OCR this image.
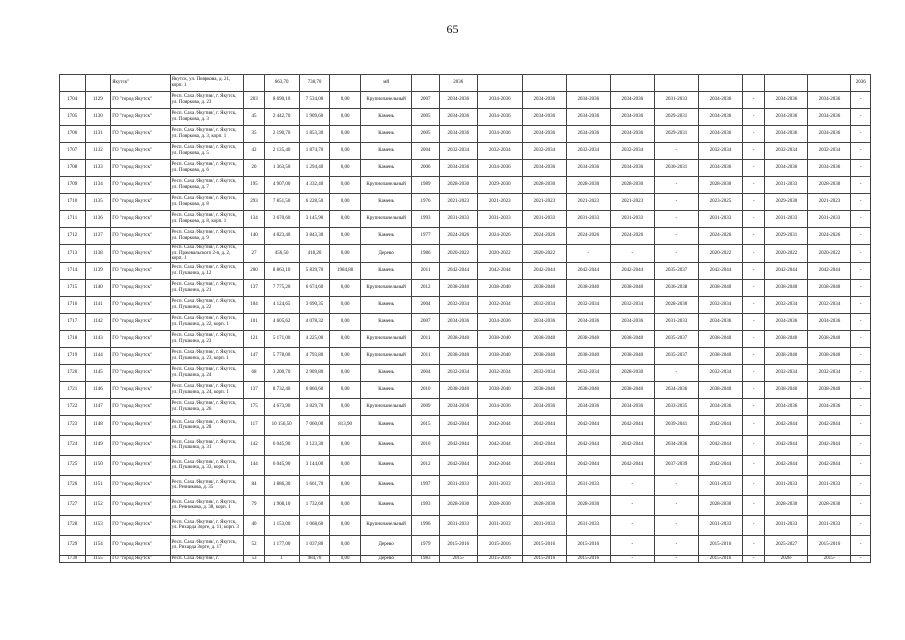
65
		Якутск"	Якутск, ул. Пояркова, д. 21, корп. 1		663,70	738,70		мй		2036										2036
1704	1129	ГО "город Якутск"	Респ. Саха /Якутия/, г. Якутск, ул. Пояркова, д. 23	203	8 690,10	7 534,00	0,00	Крупнопанельный	2007	2034-2036	2034-2036	2034-2036	2034-2036	2034-2036	2031-2033	2034-2036	-	2034-2036	2034-2036	-
1705	1130	ГО "город Якутск"	Респ. Саха /Якутия/, г. Якутск, ул. Пояркова, д. 3	45	2 442,70	1 909,60	0,00	Камень	2005	2034-2036	2034-2036	2034-2036	2034-2036	2034-2036	2029-2031	2034-2036	-	2034-2036	2034-2036	-
1706	1131	ГО "город Якутск"	Респ. Саха /Якутия/, г. Якутск, ул. Пояркова, д. 3, корп. 1	35	2 190,70	1 853,30	0,00	Камень	2005	2034-2036	2034-2036	2034-2036	2034-2036	2034-2036	2029-2031	2034-2036	-	2034-2036	2034-2036	-
1707	1132	ГО "город Якутск"	Респ. Саха /Якутия/, г. Якутск, ул. Пояркова, д. 5	42	2 135,40	1 874,70	0,00	Камень	2004	2032-2034	2032-2034	2032-2034	2032-2034	2032-2034	-	2032-2034	-	2032-2034	2032-2034	-
1708	1133	ГО "город Якутск"	Респ. Саха /Якутия/, г. Якутск, ул. Пояркова, д. 6	20	1 363,50	1 294,40	0,00	Камень	2006	2034-2036	2034-2036	2034-2036	2034-2036	2034-2036	2030-2031	2034-2036	-	2034-2036	2034-2036	-
1709	1134	ГО "город Якутск"	Респ. Саха /Якутия/, г. Якутск, ул. Пояркова, д. 7	195	4 907,00	4 332,40	0,00	Крупнопанельный	1989	2028-2030	2029-2030	2028-2030	2028-2030	2028-2030	-	2028-2030	-	2031-2033	2028-2030	-
1710	1135	ГО "город Якутск"	Респ. Саха /Якутия/, г. Якутск, ул. Пояркова, д. 8	293	7 851,50	6 228,50	0,00	Камень	1976	2021-2023	2021-2023	2021-2023	2021-2023	2021-2023	-	2023-2025	-	2029-2030	2021-2023	-
1711	1136	ГО "город Якутск"	Респ. Саха /Якутия/, г. Якутск, ул. Пояркова, д. 8, корп. 1	134	3 670,60	3 145,90	0,00	Крупнопанельный	1993	2031-2033	2031-2033	2031-2033	2031-2033	2031-2033	-	2031-2033	-	2031-2033	2031-2033	-
1712	1137	ГО "город Якутск"	Респ. Саха /Якутия/, г. Якутск, ул. Пояркова, д. 9	140	4 823,40	3 843,30	0,00	Камень	1977	2024-2026	2024-2026	2024-2026	2024-2026	2024-2026	-	2024-2026	-	2029-2031	2024-2026	-
1713	1138	ГО "город Якутск"	Респ. Саха /Якутия/, г. Якутск, ул. Пржевальского 2-я, д. 2, корп. 1	27	456,50	418,20	0,00	Дерево	1986	2020-2022	2020-2022	2020-2022	-	-	-	2020-2022	-	2020-2022	2020-2022	-
1714	1139	ГО "город Якутск"	Респ. Саха /Якутия/, г. Якутск, ул. Пушкина, д. 12	200	8 863,10	5 839,70	1984,80	Камень	2011	2042-2044	2042-2044	2042-2044	2042-2044	2042-2044	2035-2037	2042-2044	-	2042-2044	2042-2044	-
1715	1140	ГО "город Якутск"	Респ. Саха /Якутия/, г. Якутск, ул. Пушкина, д. 21	137	7 775,20	6 674,60	0,00	Крупнопанельный	2012	2038-2040	2038-2040	2038-2040	2038-2040	2038-2040	2036-2038	2038-2040	-	2038-2040	2038-2040	-
1716	1141	ГО "город Якутск"	Респ. Саха /Якутия/, г. Якутск, ул. Пушкина, д. 22	104	4 124,65	3 690,35	0,00	Камень	2004	2032-2034	2032-2034	2032-2034	2032-2034	2032-2034	2028-2030	2032-2034	-	2032-2034	2032-2034	-
1717	1142	ГО "город Якутск"	Респ. Саха /Якутия/, г. Якутск, ул. Пушкина, д. 22, корп. 1	101	4 605,62	4 078,32	0,00	Камень	2007	2034-2036	2034-2036	2034-2036	2034-2036	2034-2036	2031-2033	2034-2036	-	2034-2036	2034-2036	-
1718	1143	ГО "город Якутск"	Респ. Саха /Якутия/, г. Якутск, ул. Пушкина, д. 23	121	5 171,00	4 225,00	0,00	Крупнопанельный	2011	2038-2040	2038-2040	2038-2040	2038-2040	2038-2040	2035-2037	2038-2040	-	2038-2040	2038-2040	-
1719	1144	ГО "город Якутск"	Респ. Саха /Якутия/, г. Якутск, ул. Пушкина, д. 23, корп. 1	147	5 778,00	4 793,80	0,00	Крупнопанельный	2011	2038-2040	2038-2040	2038-2040	2038-2040	2038-2040	2035-2037	2038-2040	-	2038-2040	2038-2040	-
1720	1145	ГО "город Якутск"	Респ. Саха /Якутия/, г. Якутск, ул. Пушкина, д. 24	68	3 200,70	2 909,80	0,00	Камень	2004	2032-2034	2032-2034	2032-2034	2032-2034	2028-2030	-	2032-2034	-	2032-2034	2032-2034	-
1721	1146	ГО "город Якутск"	Респ. Саха /Якутия/, г. Якутск, ул. Пушкина, д. 24, корп. 1	137	8 732,40	6 860,60	0,00	Камень	2010	2038-2040	2038-2040	2038-2040	2038-2040	2038-2040	2034-2036	2038-2040	-	2038-2040	2038-2040	-
1722	1147	ГО "город Якутск"	Респ. Саха /Якутия/, г. Якутск, ул. Пушкина, д. 26	175	4 673,90	3 829,70	0,00	Крупнопанельный	2009	2034-2036	2034-2036	2034-2036	2034-2036	2034-2036	2033-2035	2034-2036	-	2034-2036	2034-2036	-
1723	1148	ГО "город Якутск"	Респ. Саха /Якутия/, г. Якутск, ул. Пушкина, д. 28	117	10 156,50	7 060,00	813,90	Камень	2015	2042-2044	2042-2044	2042-2044	2042-2044	2042-2044	2039-2041	2042-2044	-	2042-2044	2042-2044	-
1724	1149	ГО "город Якутск"	Респ. Саха /Якутия/, г. Якутск, ул. Пушкина, д. 31	142	6 045,90	3 123,30	0,00	Камень	2010	2042-2044	2042-2044	2042-2044	2042-2044	2042-2044	2034-2036	2042-2044	-	2042-2044	2042-2044	-
1725	1150	ГО "город Якутск"	Респ. Саха /Якутия/, г. Якутск, ул. Пушкина, д. 33, корп. 1	144	6 045,90	3 144,00	0,00	Камень	2012	2042-2044	2042-2044	2042-2044	2042-2044	2042-2044	2037-2039	2042-2044	-	2042-2044	2042-2044	-
1726	1151	ГО "город Якутск"	Респ. Саха /Якутия/, г. Якутск, ул. Речникова, д. 35	84	1 886,30	1 661,70	0,00	Камень	1997	2031-2033	2031-2033	2031-2033	2031-2033	-	-	2031-2033	-	2031-2033	2031-2033	-
1727	1152	ГО "город Якутск"	Респ. Саха /Якутия/, г. Якутск, ул. Речникова, д. 38, корп. 1	79	1 908,10	1 732,60	0,00	Камень	1993	2028-2030	2028-2030	2028-2030	2028-2030	-	-	2028-2030	-	2028-2030	2028-2030	-
1728	1153	ГО "город Якутск"	Респ. Саха /Якутия/, г. Якутск, ул. Рихарда Зорге, д. 11, корп. 3	40	1 153,00	1 068,60	0,00	Крупнопанельный	1996	2031-2033	2031-2033	2031-2033	2031-2033	-	-	2031-2033	-	2031-2033	2031-2033	-
1729	1154	ГО "город Якутск"	Респ. Саха /Якутия/, г. Якутск, ул. Рихарда Зорге, д. 17	52	1 177,00	1 037,80	0,00	Дерево	1979	2015-2016	2015-2016	2015-2016	2015-2016	-	-	2015-2016	-	2025-2027	2015-2016	-
1730	1155	ГО "город Якутск"	Респ. Саха /Якутия/, г.	53	1	984,70	0,00	Дерево	1983	2015-	2015-2016	2015-2016	2015-2016	-	-	2015-2016	-	2028-	2015-	-
